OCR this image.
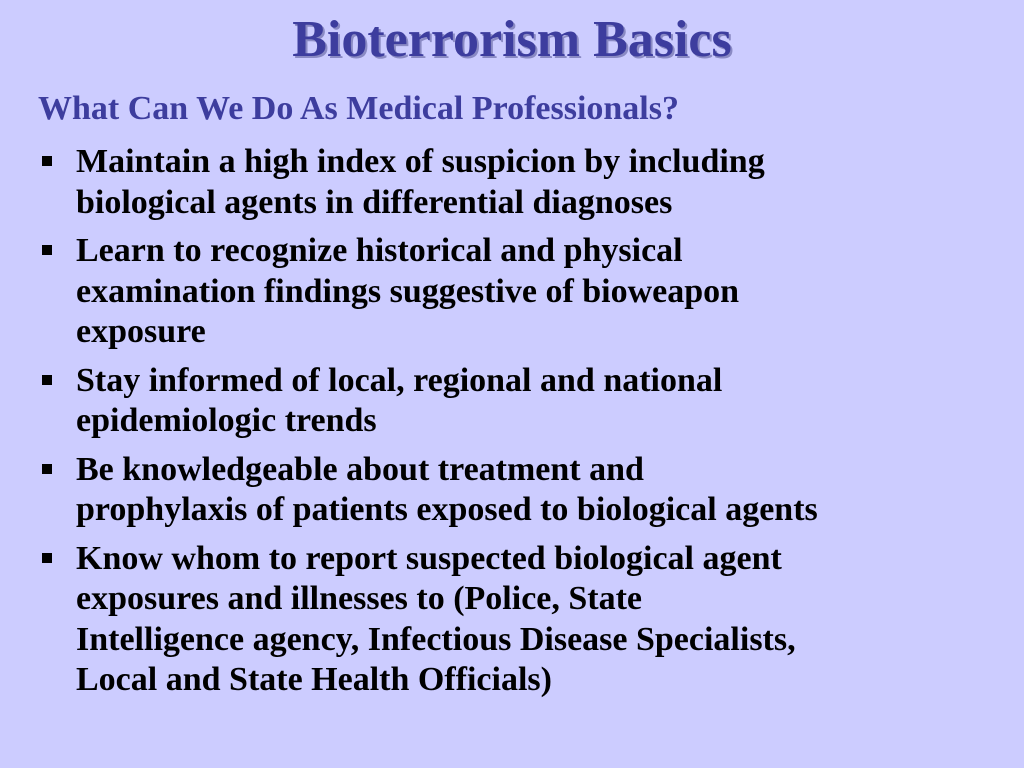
Bioterrorism Basics
What Can We Do As Medical Professionals?
Maintain a high index of suspicion by including
biological agents in differential diagnoses
Learn to recognize historical and physical
examination findings suggestive of bioweapon
exposure
Stay informed of local, regional and national
epidemiologic trends
Be knowledgeable about treatment and
prophylaxis of patients exposed to biological agents
Know whom to report suspected biological agent
exposures and illnesses to (Police, State
Intelligence agency, Infectious Disease Specialists,
Local and State Health Officials)
